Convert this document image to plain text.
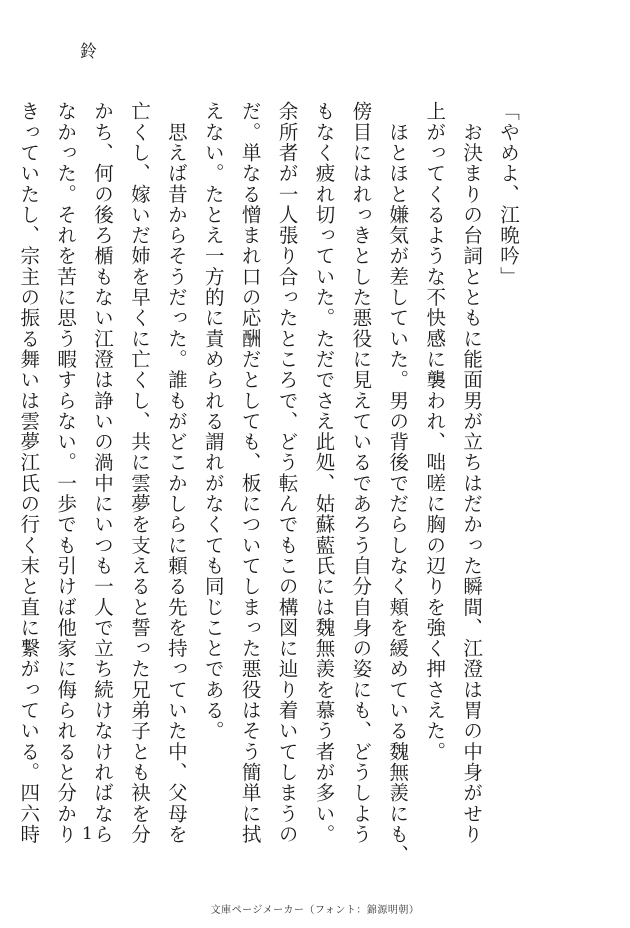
鈴
「やめよ、江晩吟」
　お決まりの台詞とともに能面男が立ちはだかった瞬間、江澄は胃の中身がせり
上がってくるような不快感に襲われ、咄嗟に胸の辺りを強く押さえた。
　ほとほと嫌気が差していた。男の背後でだらしなく頬を緩めている魏無羨にも、
傍目にはれっきとした悪役に見えているであろう自分自身の姿にも、どうしよう
もなく疲れ切っていた。ただでさえ此処、姑蘇藍氏には魏無羨を慕う者が多い。
余所者が一人張り合ったところで、どう転んでもこの構図に辿り着いてしまうの
だ。単なる憎まれ口の応酬だとしても、板についてしまった悪役はそう簡単に拭
えない。たとえ一方的に責められる謂れがなくても同じことである。
　思えば昔からそうだった。誰もがどこかしらに頼る先を持っていた中、父母を
亡くし、嫁いだ姉を早くに亡くし、共に雲夢を支えると誓った兄弟子とも袂を分
かち、何の後ろ楯もない江澄は諍いの渦中にいつも一人で立ち続けなければなら
なかった。それを苦に思う暇すらない。一歩でも引けば他家に侮られると分かり
きっていたし、宗主の振る舞いは雲夢江氏の行く末と直に繋がっている。四六時	1
文庫ページメーカー（フォント：錦源明朝）
